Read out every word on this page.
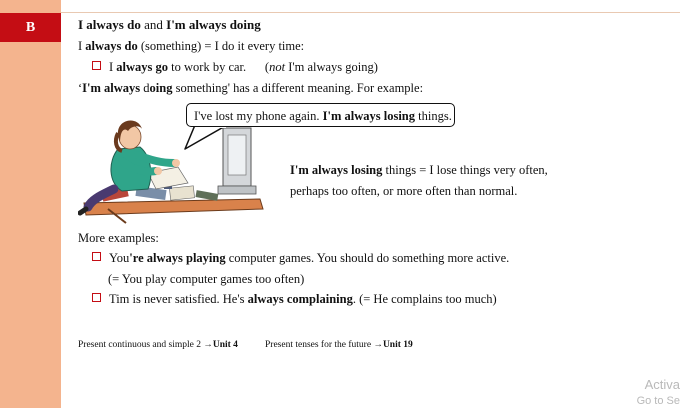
B	I always do and I'm always doing
I always do (something) = I do it every time:
I always go to work by car.      (not I'm always going)
‘I'm always doing something' has a different meaning. For example:
I've lost my phone again. I'm always losing things.
I'm always losing things = I lose things very often,
perhaps too often, or more often than normal.
More examples:
You're always playing computer games. You should do something more active.
(= You play computer games too often)
Tim is never satisfied. He's always complaining. (= He complains too much)
Present continuous and simple 2 →Unit 4	Present tenses for the future →Unit 19
Activa
Go to Se
